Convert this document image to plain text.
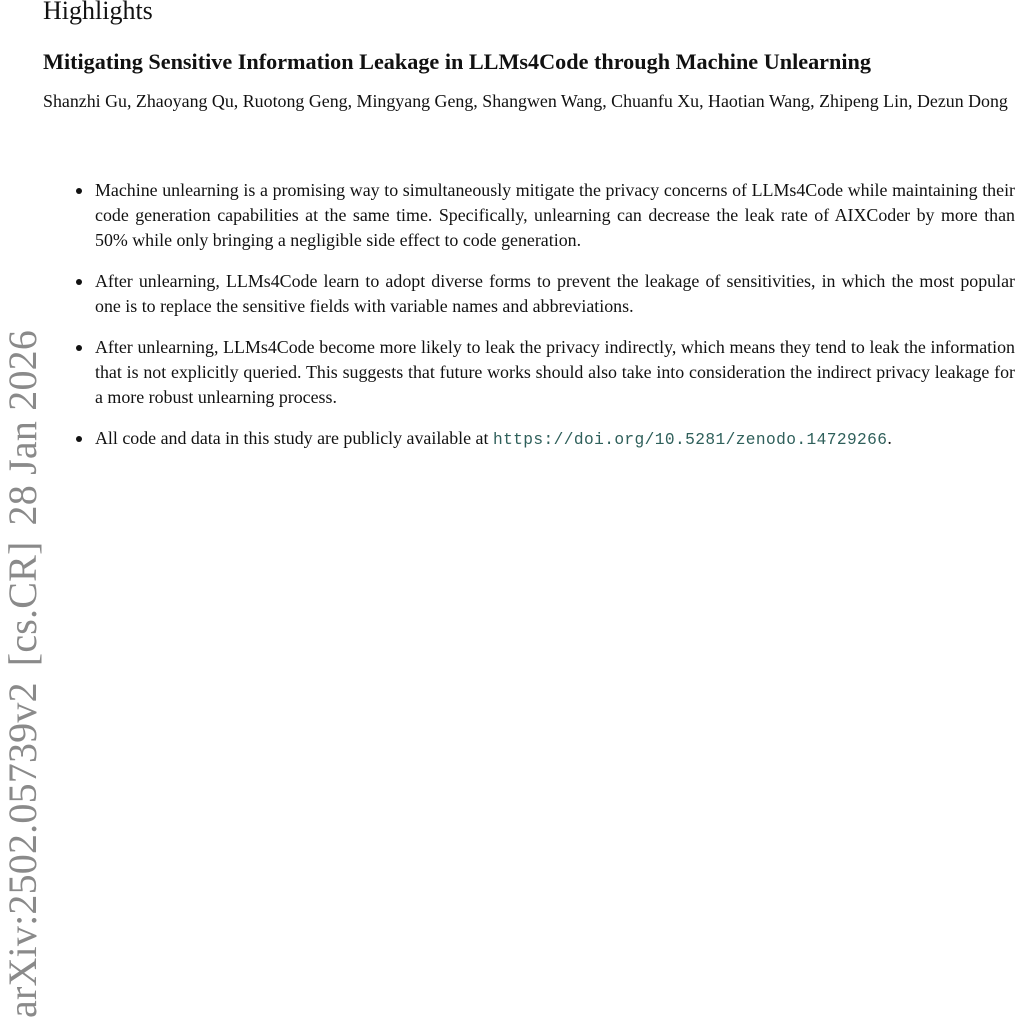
arXiv:2502.05739v2[cs.CR]28 Jan 2026
Highlights
Mitigating Sensitive Information Leakage in LLMs4Code through Machine Unlearning

Shanzhi Gu, Zhaoyang Qu, Ruotong Geng, Mingyang Geng, Shangwen Wang, Chuanfu Xu, Haotian Wang, Zhipeng Lin, Dezun Dong

Machine unlearning is a promising way to simultaneously mitigate the privacy concerns of LLMs4Code while maintaining their code generation capabilities at the same time. Specifically, unlearning can decrease the leak rate of AIXCoder by more than 50% while only bringing a negligible side effect to code generation.
After unlearning, LLMs4Code learn to adopt diverse forms to prevent the leakage of sensitivities, in which the most popular one is to replace the sensitive fields with variable names and abbreviations.
After unlearning, LLMs4Code become more likely to leak the privacy indirectly, which means they tend to leak the information that is not explicitly queried. This suggests that future works should also take into consideration the indirect privacy leakage for a more robust unlearning process.
All code and data in this study are publicly available at https://doi.org/10.5281/zenodo.14729266.
